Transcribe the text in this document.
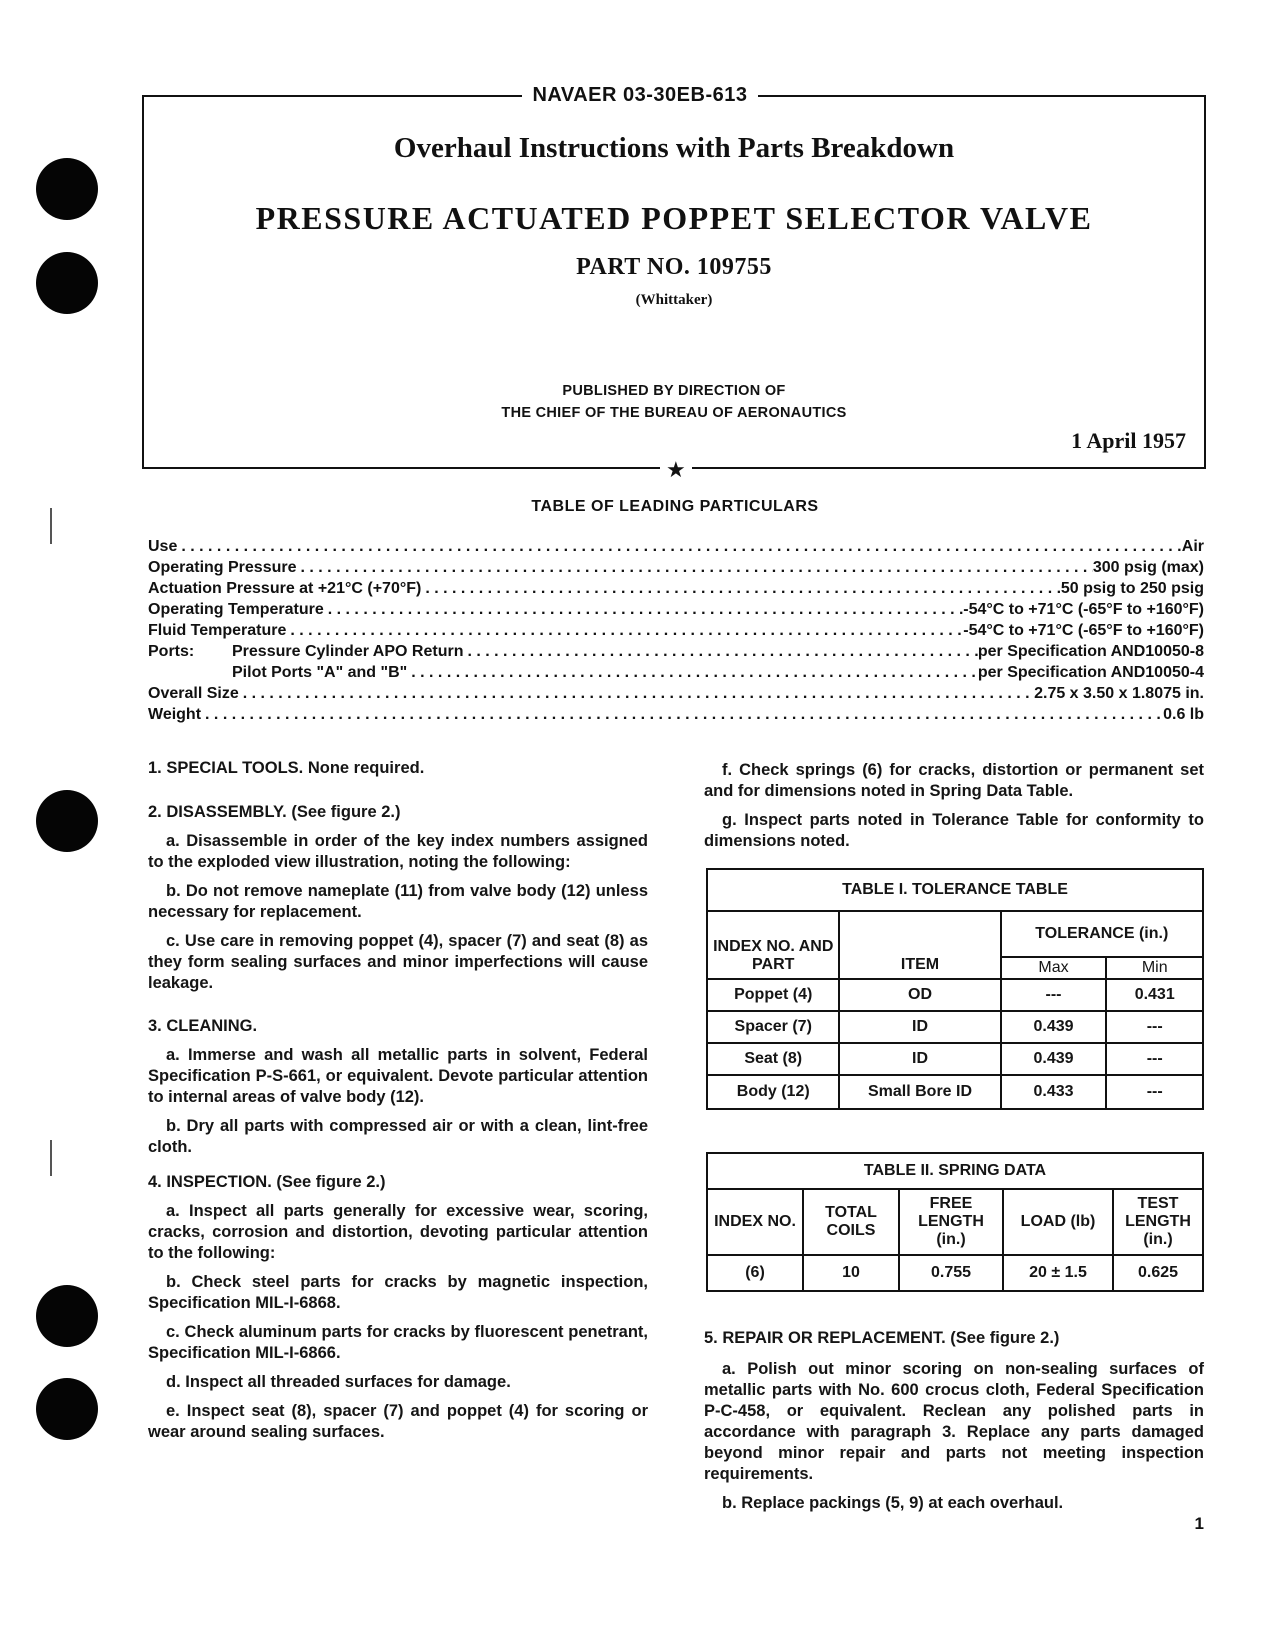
NAVAER 03-30EB-613
Overhaul Instructions with Parts Breakdown
PRESSURE ACTUATED POPPET SELECTOR VALVE
PART NO. 109755
(Whittaker)
PUBLISHED BY DIRECTION OF
THE CHIEF OF THE BUREAU OF AERONAUTICS
1 April 1957
★
TABLE OF LEADING PARTICULARS
Use . . .	Air
Operating Pressure . . .	300 psig (max)
Actuation Pressure at +21°C (+70°F) . . .	50 psig to 250 psig
Operating Temperature . . .	-54°C to +71°C (-65°F to +160°F)
Fluid Temperature . . .	-54°C to +71°C (-65°F to +160°F)
Ports:	Pressure Cylinder APO Return . . .	per Specification AND10050-8
Pilot Ports "A" and "B" . . .	per Specification AND10050-4
Overall Size . . .	2.75 x 3.50 x 1.8075 in.
Weight . . .	0.6 lb

1. SPECIAL TOOLS. None required.

2. DISASSEMBLY. (See figure 2.)

a. Disassemble in order of the key index numbers assigned to the exploded view illustration, noting the following:

b. Do not remove nameplate (11) from valve body (12) unless necessary for replacement.

c. Use care in removing poppet (4), spacer (7) and seat (8) as they form sealing surfaces and minor imperfections will cause leakage.

3. CLEANING.

a. Immerse and wash all metallic parts in solvent, Federal Specification P-S-661, or equivalent. Devote particular attention to internal areas of valve body (12).

b. Dry all parts with compressed air or with a clean, lint-free cloth.

4. INSPECTION. (See figure 2.)

a. Inspect all parts generally for excessive wear, scoring, cracks, corrosion and distortion, devoting particular attention to the following:

b. Check steel parts for cracks by magnetic inspection, Specification MIL-I-6868.

c. Check aluminum parts for cracks by fluorescent penetrant, Specification MIL-I-6866.

d. Inspect all threaded surfaces for damage.

e. Inspect seat (8), spacer (7) and poppet (4) for scoring or wear around sealing surfaces.

f. Check springs (6) for cracks, distortion or permanent set and for dimensions noted in Spring Data Table.

g. Inspect parts noted in Tolerance Table for conformity to dimensions noted.

TABLE I. TOLERANCE TABLE			
INDEX NO. AND PART	ITEM	TOLERANCE (in.)	
		Max	Min
Poppet (4)	OD	---	0.431
Spacer (7)	ID	0.439	---
Seat (8)	ID	0.439	---
Body (12)	Small Bore ID	0.433	---
TABLE II. SPRING DATA				
INDEX NO.	TOTAL COILS	FREE LENGTH (in.)	LOAD (lb)	TEST LENGTH (in.)
(6)	10	0.755	20 ± 1.5	0.625

5. REPAIR OR REPLACEMENT. (See figure 2.)

a. Polish out minor scoring on non-sealing surfaces of metallic parts with No. 600 crocus cloth, Federal Specification P-C-458, or equivalent. Reclean any polished parts in accordance with paragraph 3. Replace any parts damaged beyond minor repair and parts not meeting inspection requirements.

b. Replace packings (5, 9) at each overhaul.

1
